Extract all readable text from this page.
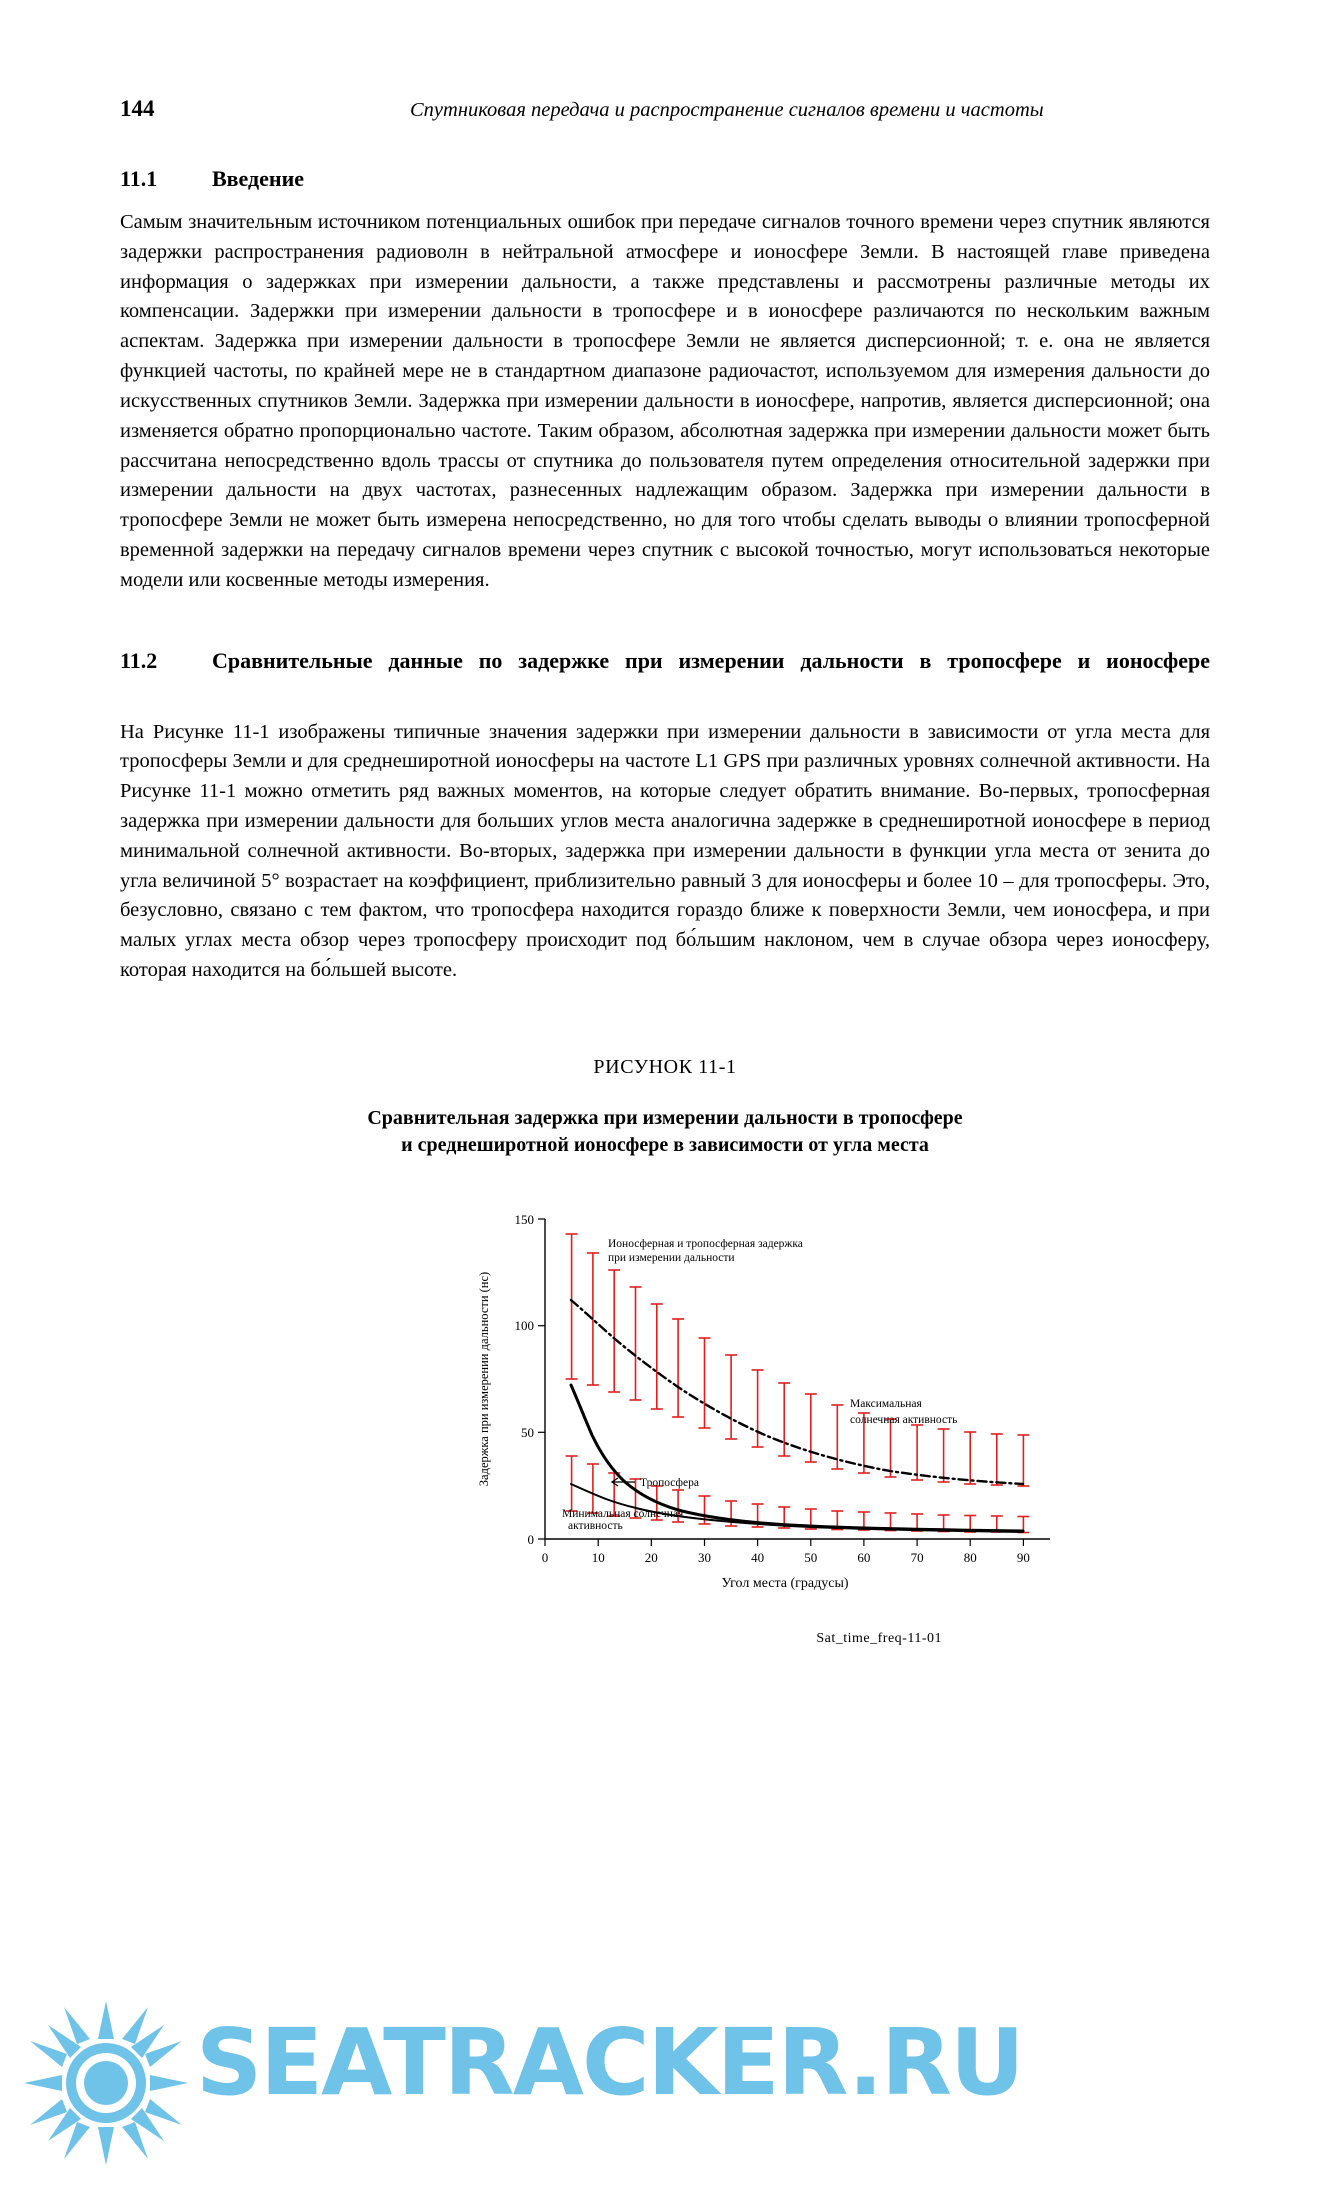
144	Спутниковая передача и распространение сигналов времени и частоты
11.1	Введение

Самым значительным источником потенциальных ошибок при передаче сигналов точного времени через спутник являются задержки распространения радиоволн в нейтральной атмосфере и ионосфере Земли. В настоящей главе приведена информация о задержках при измерении дальности, а также представлены и рассмотрены различные методы их компенсации. Задержки при измерении дальности в тропосфере и в ионосфере различаются по нескольким важным аспектам. Задержка при измерении дальности в тропосфере Земли не является дисперсионной; т. е. она не является функцией частоты, по крайней мере не в стандартном диапазоне радиочастот, используемом для измерения дальности до искусственных спутников Земли. Задержка при измерении дальности в ионосфере, напротив, является дисперсионной; она изменяется обратно пропорционально частоте. Таким образом, абсолютная задержка при измерении дальности может быть рассчитана непосредственно вдоль трассы от спутника до пользователя путем определения относительной задержки при измерении дальности на двух частотах, разнесенных надлежащим образом. Задержка при измерении дальности в тропосфере Земли не может быть измерена непосредственно, но для того чтобы сделать выводы о влиянии тропосферной временной задержки на передачу сигналов времени через спутник с высокой точностью, могут использоваться некоторые модели или косвенные методы измерения.

11.2	Сравнительные данные по задержке при измерении дальности в тропосфере и ионосфере

На Рисунке 11-1 изображены типичные значения задержки при измерении дальности в зависимости от угла места для тропосферы Земли и для среднеширотной ионосферы на частоте L1 GPS при различных уровнях солнечной активности. На Рисунке 11-1 можно отметить ряд важных моментов, на которые следует обратить внимание. Во-первых, тропосферная задержка при измерении дальности для больших углов места аналогична задержке в среднеширотной ионосфере в период минимальной солнечной активности. Во-вторых, задержка при измерении дальности в функции угла места от зенита до угла величиной 5° возрастает на коэффициент, приблизительно равный 3 для ионосферы и более 10 – для тропосферы. Это, безусловно, связано с тем фактом, что тропосфера находится гораздо ближе к поверхности Земли, чем ионосфера, и при малых углах места обзор через тропосферу происходит под бо́льшим наклоном, чем в случае обзора через ионосферу, которая находится на бо́льшей высоте.

РИСУНОК 11-1
Сравнительная задержка при измерении дальности в тропосфере
и среднеширотной ионосфере в зависимости от угла места
0
50
100
150
0	10	20	30	40	50	60	70	80	90
Угол места (градусы)
Задержка при измерении дальности (нс)
Ионосферная и тропосферная задержка
при измерении дальности
Максимальная
солнечная активность
Тропосфера
Минимальная солнечная
активность
Sat_time_freq-11-01
SEATRACKER.RU
